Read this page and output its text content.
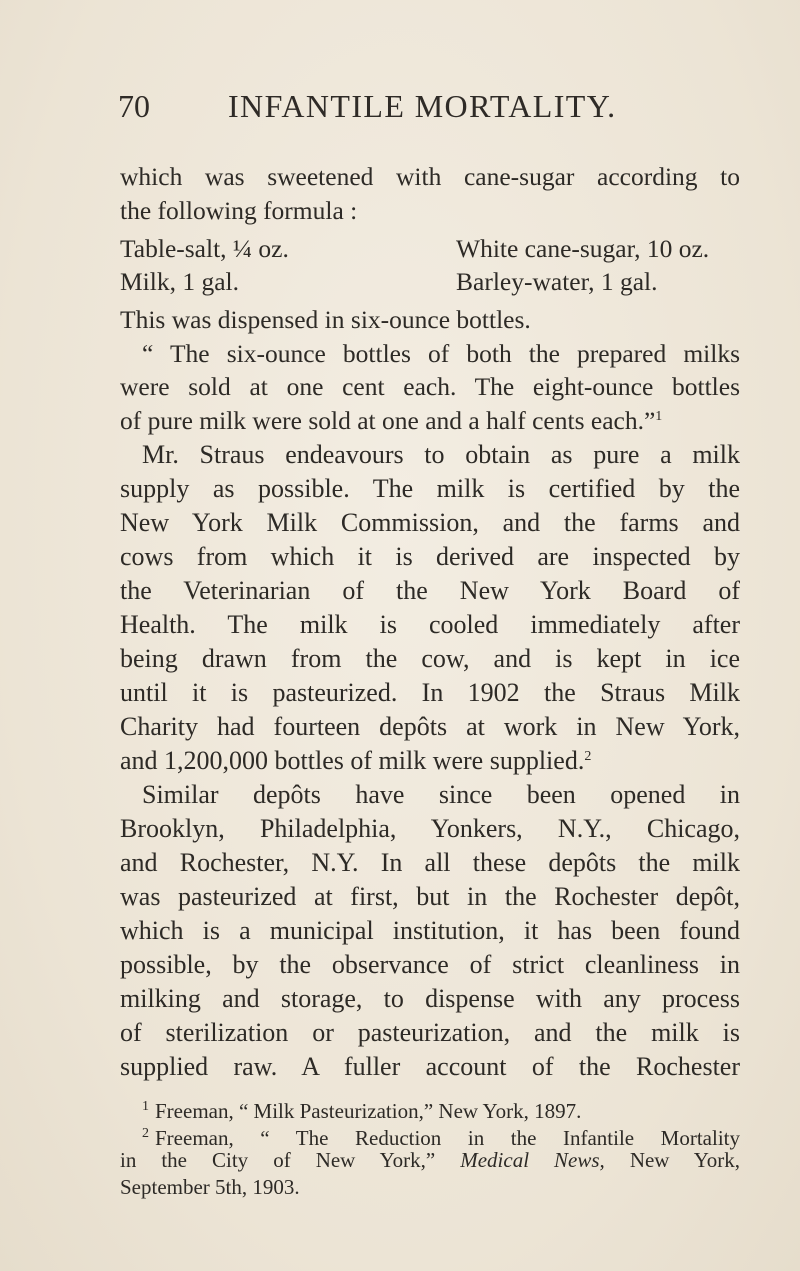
70 INFANTILE MORTALITY.
which was sweetened with cane-sugar according to
the following formula :
Table-salt, ¼ oz.	White cane-sugar, 10 oz.
Milk, 1 gal.	Barley-water, 1 gal.
This was dispensed in six-ounce bottles.
“ The six-ounce bottles of both the prepared milks
were sold at one cent each. The eight-ounce bottles
of pure milk were sold at one and a half cents each.”$^1$
Mr. Straus endeavours to obtain as pure a milk
supply as possible. The milk is certified by the
New York Milk Commission, and the farms and
cows from which it is derived are inspected by
the Veterinarian of the New York Board of
Health. The milk is cooled immediately after
being drawn from the cow, and is kept in ice
until it is pasteurized. In 1902 the Straus Milk
Charity had fourteen depôts at work in New York,
and 1,200,000 bottles of milk were supplied.$^2$
Similar depôts have since been opened in
Brooklyn, Philadelphia, Yonkers, N.Y., Chicago,
and Rochester, N.Y. In all these depôts the milk
was pasteurized at first, but in the Rochester depôt,
which is a municipal institution, it has been found
possible, by the observance of strict cleanliness in
milking and storage, to dispense with any process
of sterilization or pasteurization, and the milk is
supplied raw. A fuller account of the Rochester
$^1$ Freeman, “ Milk Pasteurization,” New York, 1897.
$^2$ Freeman, “ The Reduction in the Infantile Mortality
in the City of New York,” Medical News, New York,
September 5th, 1903.
